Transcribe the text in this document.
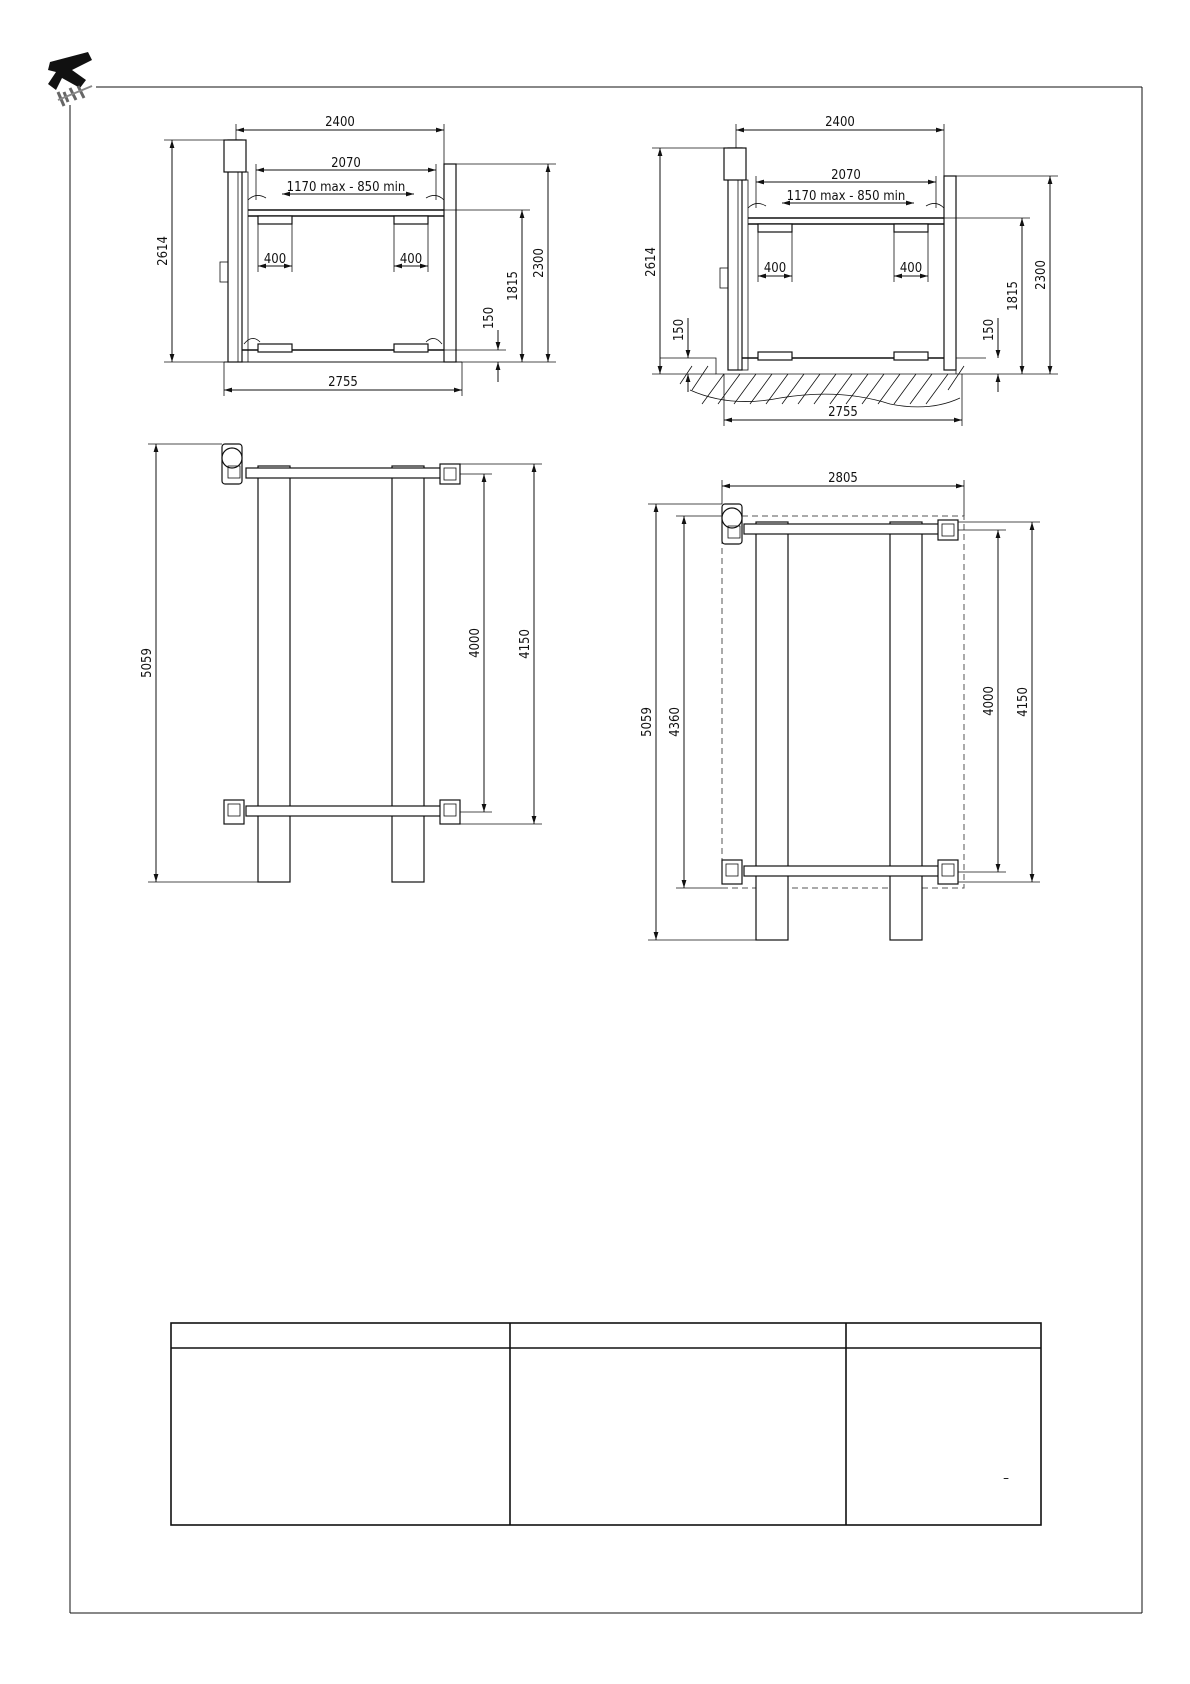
2400
2070
1170 max - 850 min
400	400
2614	2300
1815
150
2755
2400
2070
1170 max - 850 min
400	400
2614
150
2300
1815
150
2755
5059
4000	4150
2805
5059 4360
4000 4150
–
